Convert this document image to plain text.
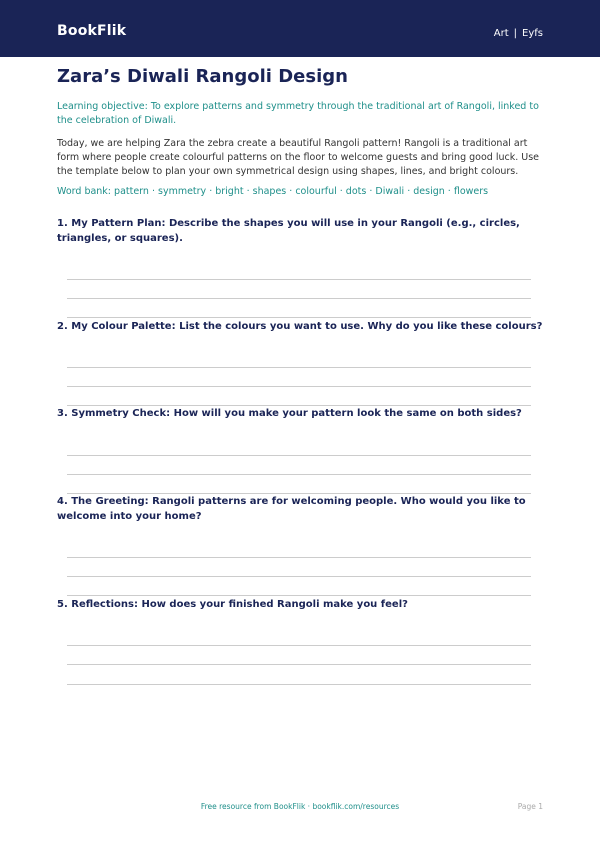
BookFlik	Art | Eyfs
Zara’s Diwali Rangoli Design
Learning objective: To explore patterns and symmetry through the traditional art of Rangoli, linked to the celebration of Diwali.
Today, we are helping Zara the zebra create a beautiful Rangoli pattern! Rangoli is a traditional art form where people create colourful patterns on the floor to welcome guests and bring good luck. Use the template below to plan your own symmetrical design using shapes, lines, and bright colours.
Word bank: pattern · symmetry · bright · shapes · colourful · dots · Diwali · design · flowers
1. My Pattern Plan: Describe the shapes you will use in your Rangoli (e.g., circles, triangles, or squares).
2. My Colour Palette: List the colours you want to use. Why do you like these colours?
3. Symmetry Check: How will you make your pattern look the same on both sides?
4. The Greeting: Rangoli patterns are for welcoming people. Who would you like to welcome into your home?
5. Reflections: How does your finished Rangoli make you feel?
Free resource from BookFlik · bookflik.com/resources	Page 1
